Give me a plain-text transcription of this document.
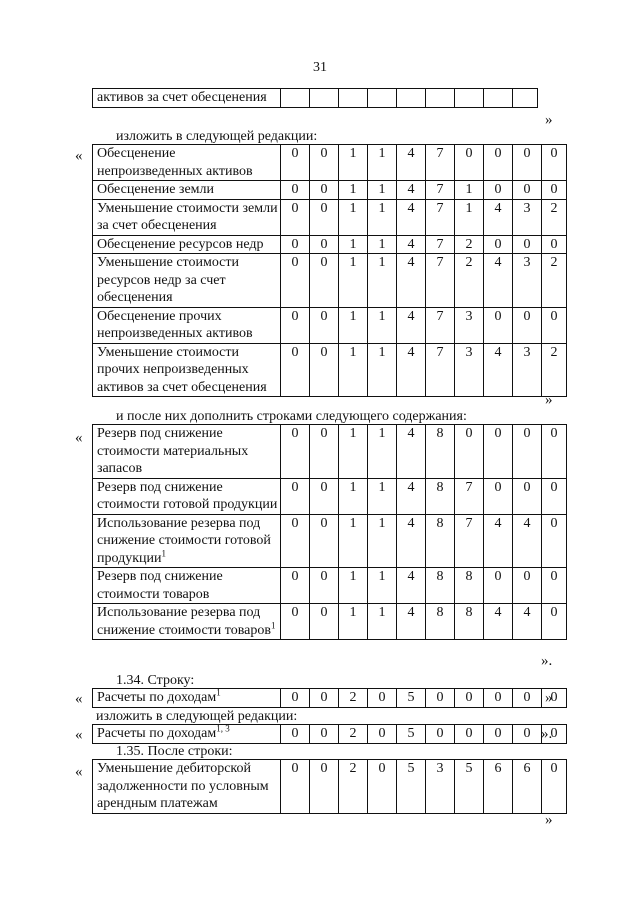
31
активов за счет обесценения									
»
изложить в следующей редакции:
« Обесценение непроизведенных активов	0	0	1	1	4	7	0	0	0	0
Обесценение земли	0	0	1	1	4	7	1	0	0	0
Уменьшение стоимости земли за счет обесценения	0	0	1	1	4	7	1	4	3	2
Обесценение ресурсов недр	0	0	1	1	4	7	2	0	0	0
Уменьшение стоимости ресурсов недр за счет обесценения	0	0	1	1	4	7	2	4	3	2
Обесценение прочих непроизведенных активов	0	0	1	1	4	7	3	0	0	0
Уменьшение стоимости прочих непроизведенных активов за счет обесценения	0	0	1	1	4	7	3	4	3	2
»
и после них дополнить строками следующего содержания:
« Резерв под снижение стоимости материальных запасов	0	0	1	1	4	8	0	0	0	0
Резерв под снижение стоимости готовой продукции	0	0	1	1	4	8	7	0	0	0
Использование резерва под снижение стоимости готовой продукции$^1$	0	0	1	1	4	8	7	4	4	0
Резерв под снижение стоимости товаров	0	0	1	1	4	8	8	0	0	0
Использование резерва под снижение стоимости товаров$^1$	0	0	1	1	4	8	8	4	4	0
».
1.34. Строку:
« Расчеты по доходам$^1$	0	0	2	0	5	0	0	0	0	0
»
изложить в следующей редакции:
« Расчеты по доходам$^{1, 3}$	0	0	2	0	5	0	0	0	0	0
».
1.35. После строки:
« Уменьшение дебиторской задолженности по условным арендным платежам	0	0	2	0	5	3	5	6	6	0
»
